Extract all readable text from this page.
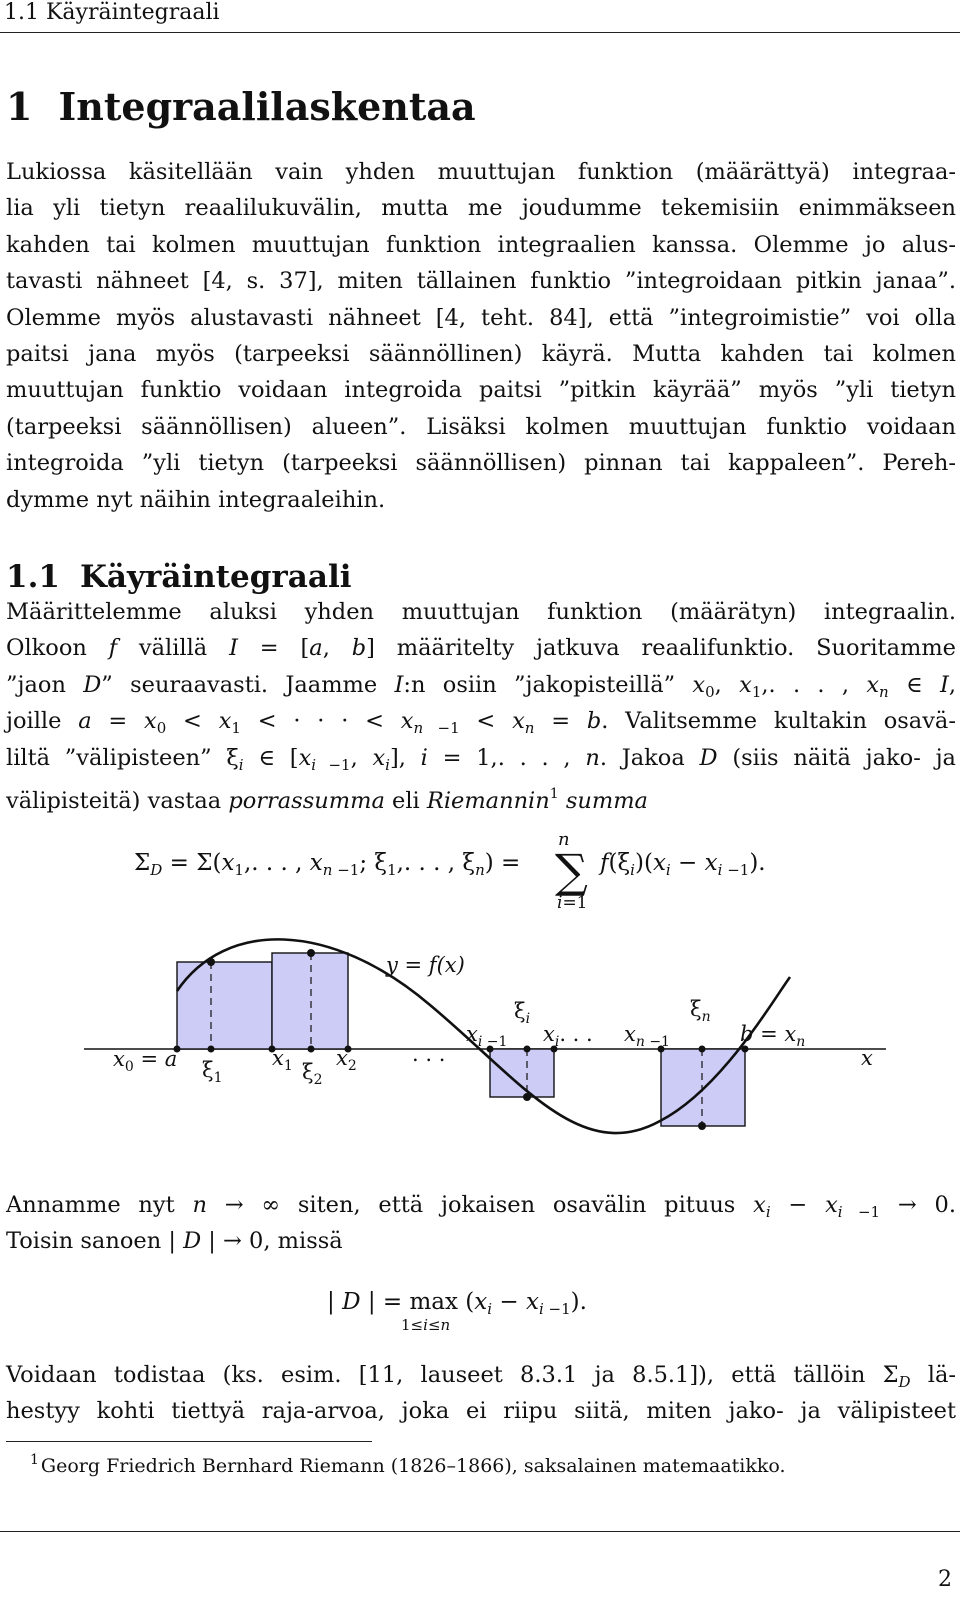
1.1 Käyräintegraali
1 Integraalilaskentaa
Lukiossa käsitellään vain yhden muuttujan funktion (määrättyä) integraa-
lia yli tietyn reaalilukuvälin, mutta me joudumme tekemisiin enimmäkseen
kahden tai kolmen muuttujan funktion integraalien kanssa. Olemme jo alus-
tavasti nähneet [4, s. 37], miten tällainen funktio ”integroidaan pitkin janaa”.
Olemme myös alustavasti nähneet [4, teht. 84], että ”integroimistie” voi olla
paitsi jana myös (tarpeeksi säännöllinen) käyrä. Mutta kahden tai kolmen
muuttujan funktio voidaan integroida paitsi ”pitkin käyrää” myös ”yli tietyn
(tarpeeksi säännöllisen) alueen”. Lisäksi kolmen muuttujan funktio voidaan
integroida ”yli tietyn (tarpeeksi säännöllisen) pinnan tai kappaleen”. Pereh-
dymme nyt näihin integraaleihin.
1.1 Käyräintegraali
Määrittelemme aluksi yhden muuttujan funktion (määrätyn) integraalin.
Olkoon f välillä I = [a, b] määritelty jatkuva reaalifunktio. Suoritamme
”jaon D” seuraavasti. Jaamme I:n osiin ”jakopisteillä” $x_0$, $x_1$,. . . , $x_n$ ∈ I,
joille $a = x_0 < x_1$ < · · · < $x_{n -1} < x_n = b$. Valitsemme kultakin osavä-
liltä ”välipisteen” $\xi_i$ ∈ [$x_{i -1}$, $x_i$], i = 1,. . . , n. Jakoa D (siis näitä jako- ja
välipisteitä) vastaa porrassumma eli Riemannin$^1$ summa
$\Sigma_D = \Sigma(x_1$,. . . , $x_{n -1}$; $\xi_1$,. . . , $\xi_n$) =
n
∑
i=1
$f(\xi_i)(x_i - x_{i -1})$.
y = f(x)
$x_0 = a$ $\xi_1$
$x_1$ $\xi_2$
$x_2$	. . .
$x_i -1$
$\xi_i$
$x_i$. . . $x_n -1$
$\xi_n$
$b = x_n$
x
Annamme nyt n → ∞ siten, että jokaisen osavälin pituus $x_i - x_{i -1} \to 0$.
Toisin sanoen | D | → 0, missä
| D | = $\max (x_i - x_{i -1})$.
1≤i≤n
Voidaan todistaa (ks. esim. [11, lauseet 8.3.1 ja 8.5.1]), että tällöin $\Sigma_D$ lä-
hestyy kohti tiettyä raja-arvoa, joka ei riipu siitä, miten jako- ja välipisteet
$^1$ Georg Friedrich Bernhard Riemann (1826–1866), saksalainen matemaatikko.
2
